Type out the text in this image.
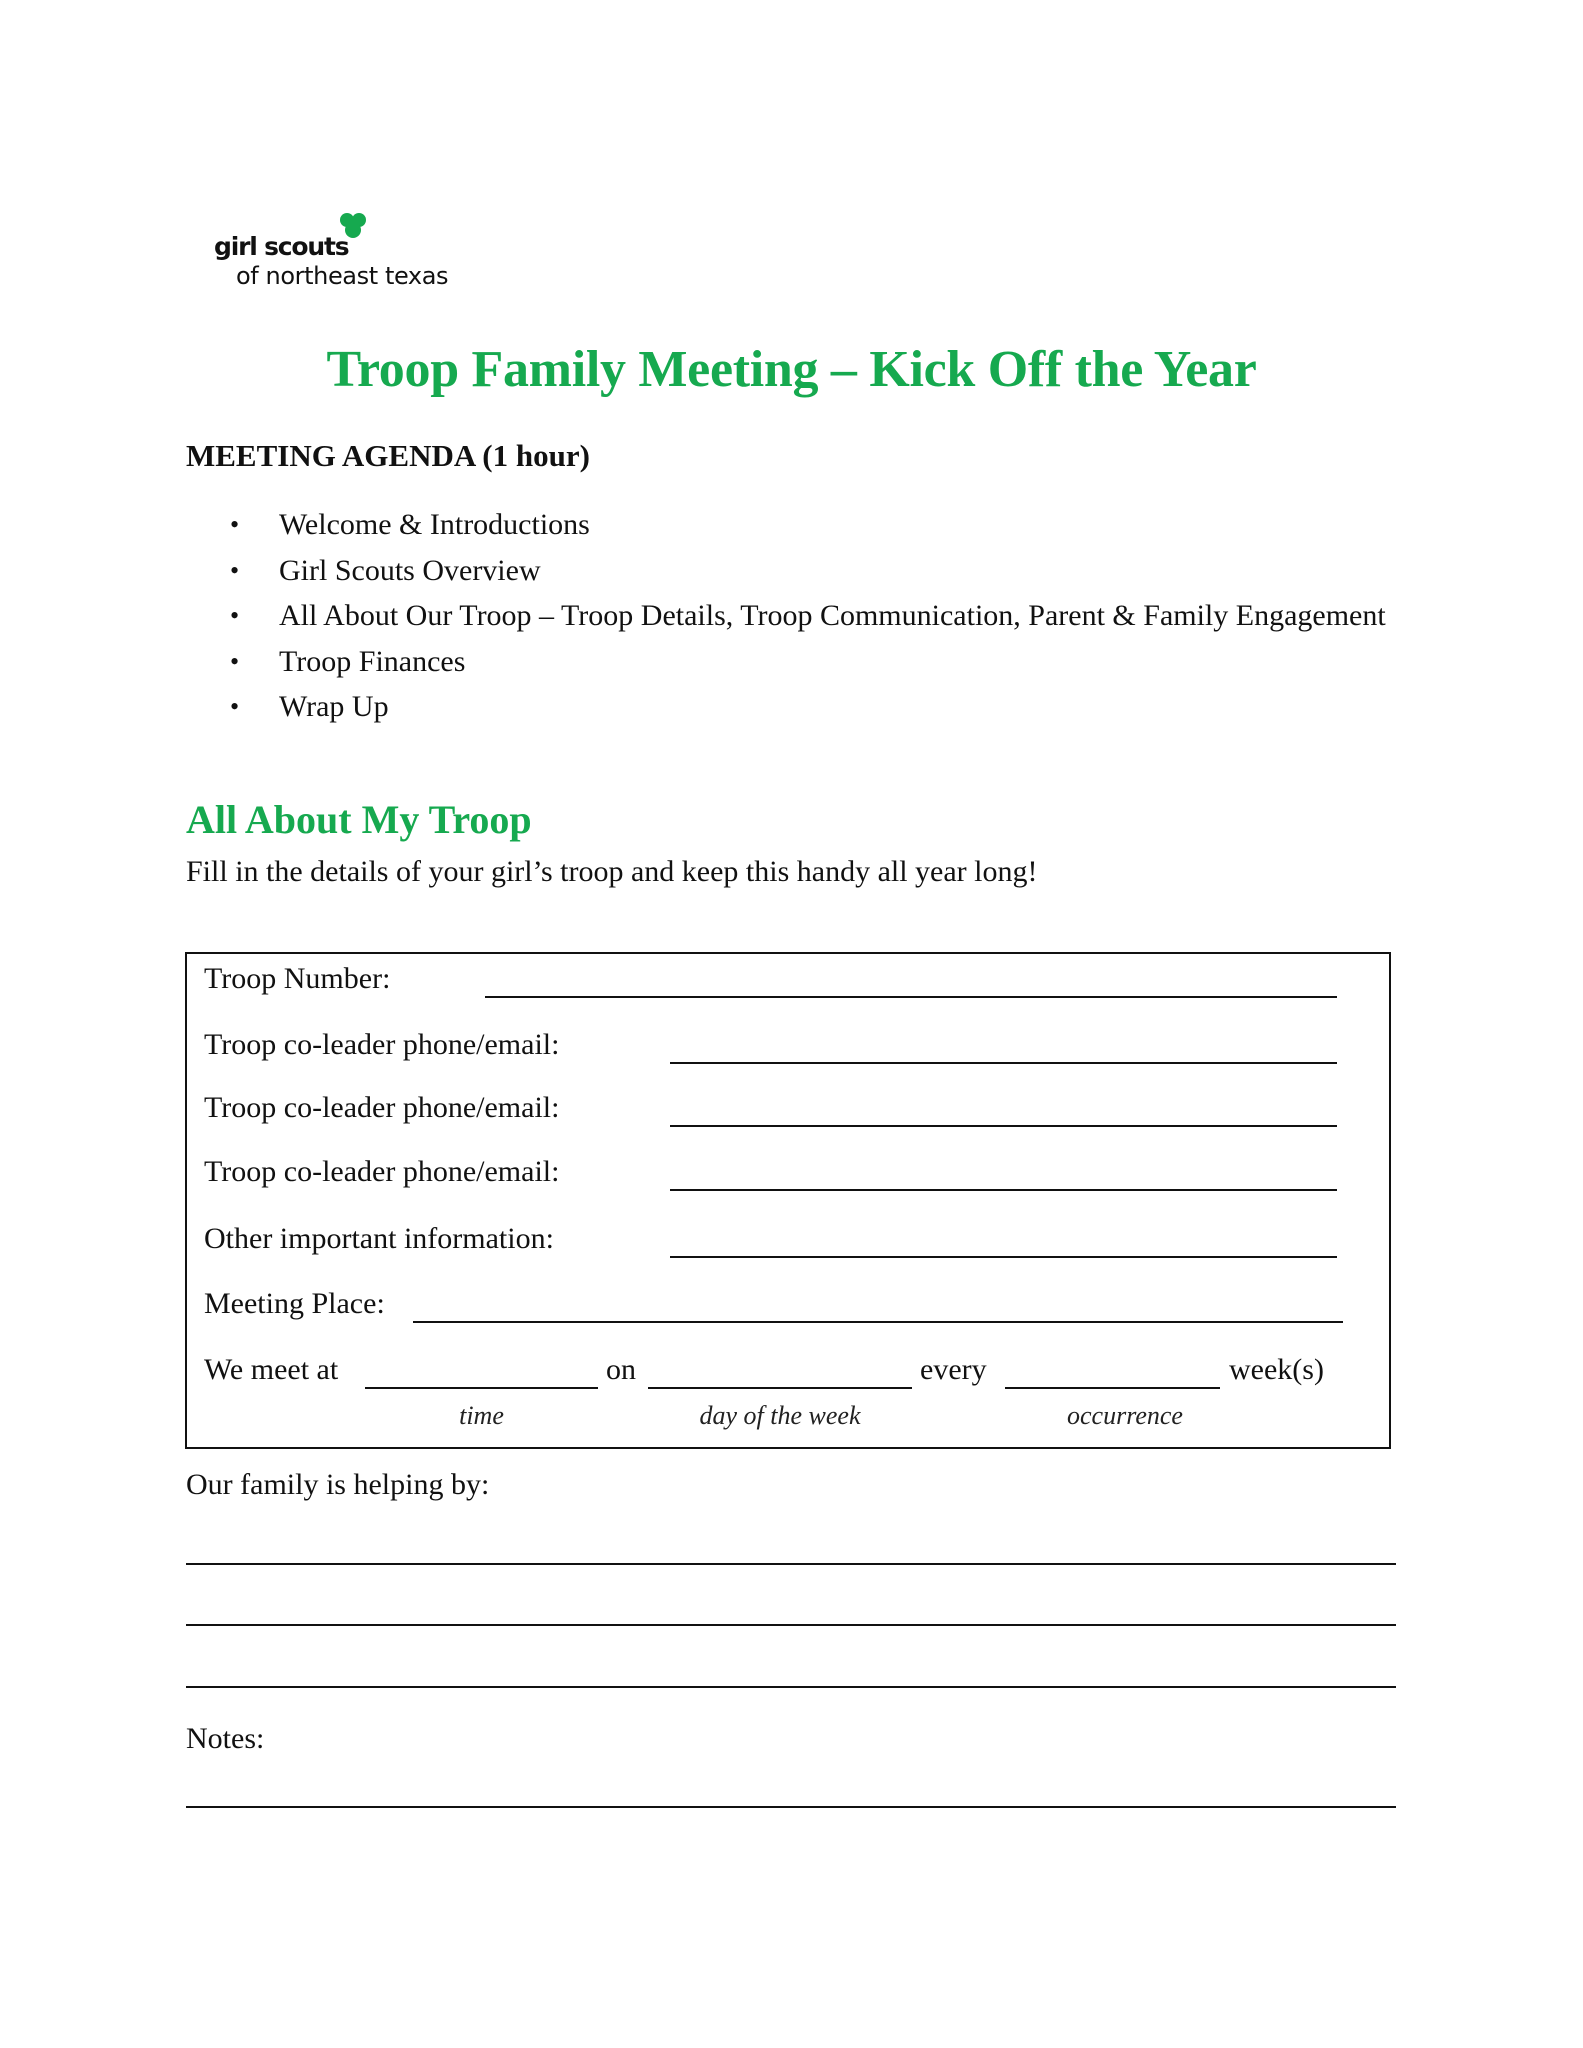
girl scouts
of northeast texas
Troop Family Meeting – Kick Off the Year
MEETING AGENDA (1 hour)
• Welcome & Introductions
• Girl Scouts Overview
• All About Our Troop – Troop Details, Troop Communication, Parent & Family Engagement
• Troop Finances
• Wrap Up
All About My Troop
Fill in the details of your girl’s troop and keep this handy all year long!
Troop Number:
Troop co-leader phone/email:
Troop co-leader phone/email:
Troop co-leader phone/email:
Other important information:
Meeting Place:
We meet at	on	every	week(s)
time	day of the week	occurrence
Our family is helping by:
Notes:
